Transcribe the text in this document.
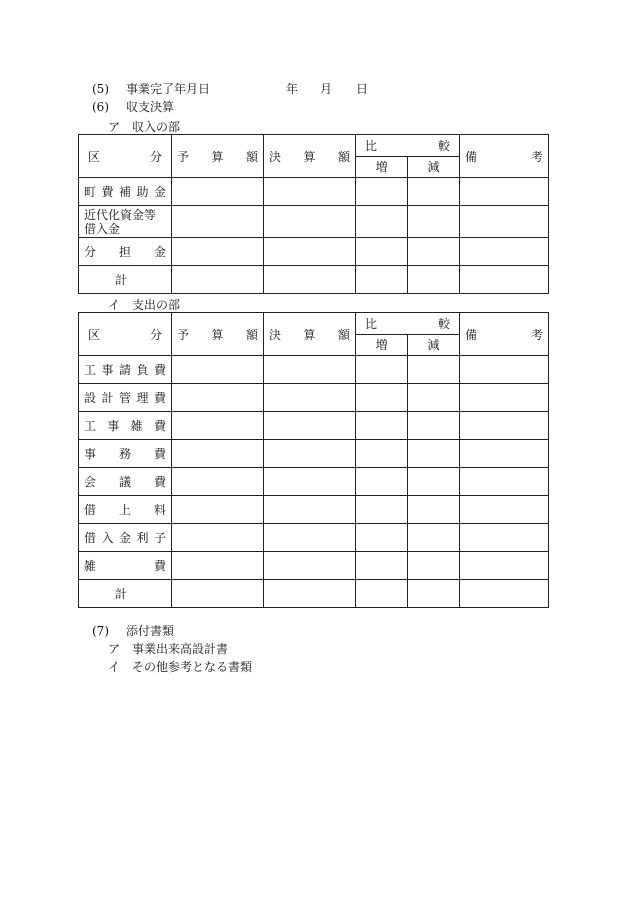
(5) 事業完了年月日	年 月 日
(6) 収支決算
ア　収入の部
区 分	予 算 額	決 算 額	比 較		備 考

			増	減	

町 費 補 助 金					

近代化資金等借入金					

分 担 金					

計					
イ　支出の部
区 分	予 算 額	決 算 額	比 較		備 考

			増	減	

工 事 請 負 費					

設 計 管 理 費					

工 事 雑 費					

事 務 費					

会 議 費					

借 上 料					

借 入 金 利 子					

雑 費					

計					
(7) 添付書類
ア　事業出来高設計書
イ　その他参考となる書類
